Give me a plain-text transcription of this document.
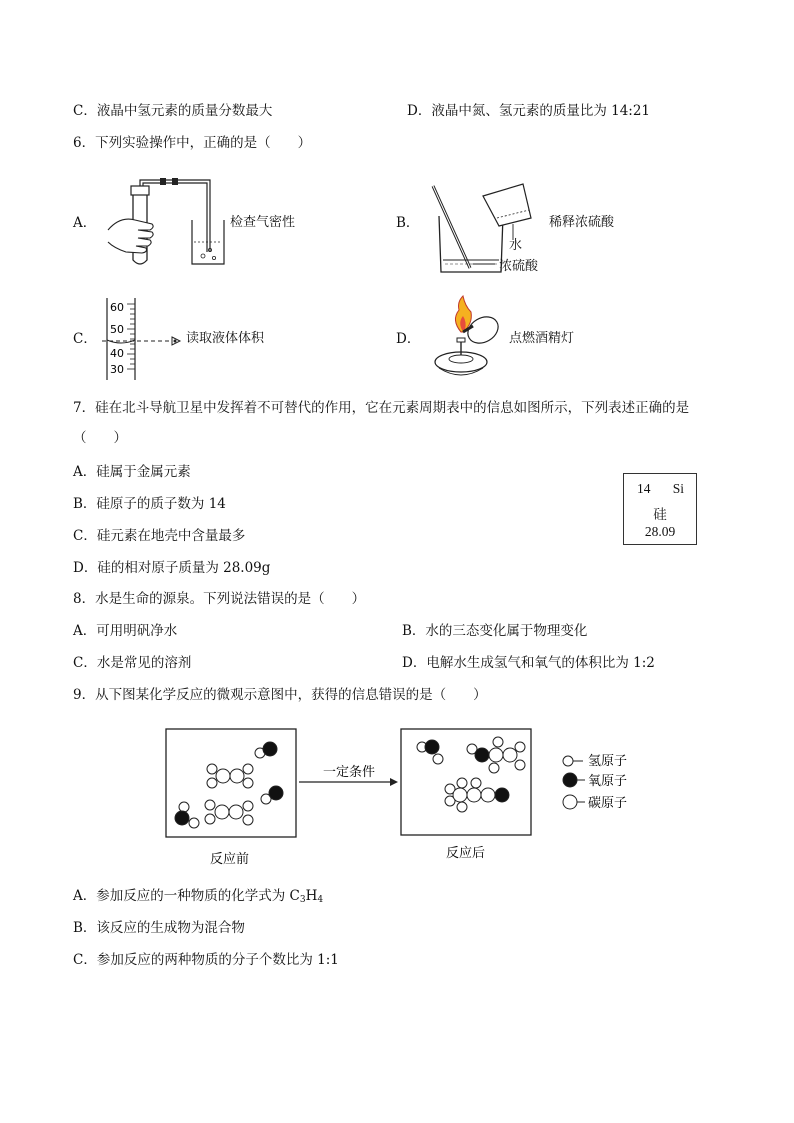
C．液晶中氢元素的质量分数最大	D．液晶中氮、氢元素的质量比为 14:21
6．下列实验操作中，正确的是（　　）
A．	检查气密性	B．	稀释浓硫酸
水
浓硫酸
C．
60
50
40
30
读取液体体积	D．	点燃酒精灯
7．硅在北斗导航卫星中发挥着不可替代的作用，它在元素周期表中的信息如图所示，下列表述正确的是
（　　）
A．硅属于金属元素
B．硅原子的质子数为 14
C．硅元素在地壳中含量最多
D．硅的相对原子质量为 28.09g
14 Si
硅
28.09
8．水是生命的源泉。下列说法错误的是（　　）
A．可用明矾净水	B．水的三态变化属于物理变化
C．水是常见的溶剂	D．电解水生成氢气和氧气的体积比为 1:2
9．从下图某化学反应的微观示意图中，获得的信息错误的是（　　）
一定条件
反应前	反应后
氢原子
氧原子
碳原子
A．参加反应的一种物质的化学式为 $C_3H_4$
B．该反应的生成物为混合物
C．参加反应的两种物质的分子个数比为 1:1
